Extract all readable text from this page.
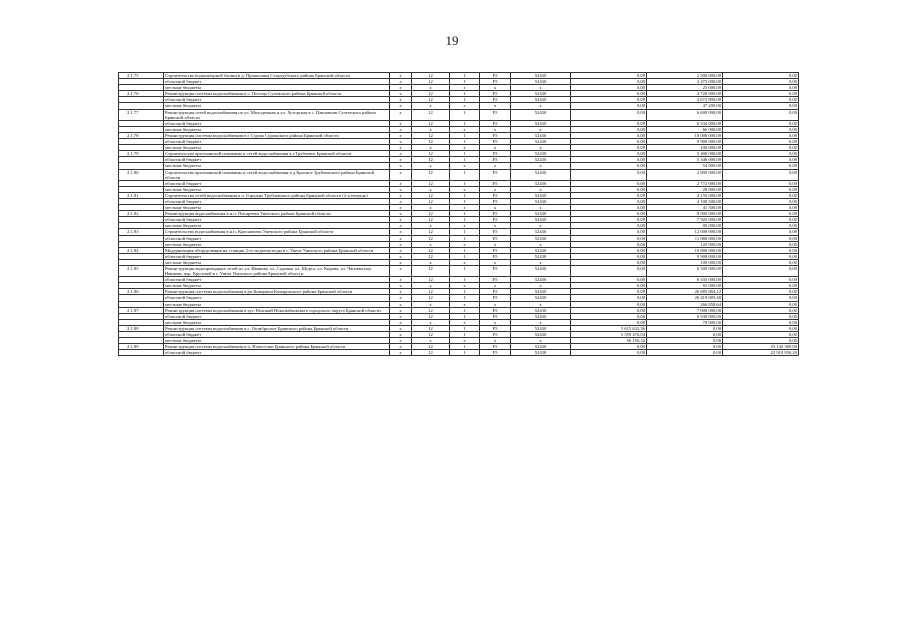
19
2.1.75	Строительство водонапорной башни в д. Прокоповка Стародубского района Брянской области	х	12	1	F5	52430	0,00	2 500 000,00	0,00
	областной бюджет	х	12	1	F5	52430	0,00	2 475 000,00	0,00
	местные бюджеты	х	х	х	х	х	0,00	25 000,00	0,00
2.1.76	Реконструкция системы водоснабжения в с. Погощь Суземского района Брянской области	х	12	1	F5	52430	0,00	4 720 000,00	0,00
	областной бюджет	х	12	1	F5	52430	0,00	4 672 800,00	0,00
	местные бюджеты	х	х	х	х	х	0,00	47 200,00	0,00
2.1.77	Реконструкция сетей водоснабжения по ул. Молодежная и ул. Хуторская в с. Павловичи Суземского района Брянской области	х	12	1	F5	52430	0,00	6 600 000,00	0,00
	областной бюджет	х	12	1	F5	52430	0,00	6 534 000,00	0,00
	местные бюджеты	х	х	х	х	х	0,00	66 000,00	0,00
2.1.78	Реконструкция системы водоснабжения в г. Сураж Суражского района Брянской области	х	12	1	F5	52430	0,00	10 000 000,00	0,00
	областной бюджет	х	12	1	F5	52430	0,00	9 900 000,00	0,00
	местные бюджеты	х	х	х	х	х	0,00	100 000,00	0,00
2.1.79	Строительство артезианской скважины и сетей водоснабжения в г.Трубчевск Брянской области	х	12	1	F5	52430	0,00	5 400 000,00	0,00
	областной бюджет	х	12	1	F5	52430	0,00	5 346 000,00	0,00
	местные бюджеты	х	х	х	х	х	0,00	54 000,00	0,00
2.1.80	Строительство артезианской скважины и сетей водоснабжения в д.Красное Трубчевского района Брянской области	х	12	1	F5	52430	0,00	2 800 000,00	0,00
	областной бюджет	х	12	1	F5	52430	0,00	2 772 000,00	0,00
	местные бюджеты	х	х	х	х	х	0,00	28 000,00	0,00
2.1.81	Строительство сетей водоснабжения в п. Городцы Трубчевского района Брянской области (2-я очередь)	х	12	1	F5	52430	0,00	4 150 000,00	0,00
	областной бюджет	х	12	1	F5	52430	0,00	4 108 500,00	0,00
	местные бюджеты	х	х	х	х	х	0,00	41 500,00	0,00
2.1.82	Реконструкция водоснабжения в н.п. Писаревка Унечского района Брянской области	х	12	1	F5	52430	0,00	8 000 000,00	0,00
	областной бюджет	х	12	1	F5	52430	0,00	7 920 000,00	0,00
	местные бюджеты	х	х	х	х	х	0,00	80 000,00	0,00
2.1.83	Строительство водоснабжения в н.п. Красновичи Унечского района Брянской области	х	12	1	F5	52430	0,00	12 000 000,00	0,00
	областной бюджет	х	12	1	F5	52430	0,00	11 880 000,00	0,00
	местные бюджеты	х	х	х	х	х	0,00	120 000,00	0,00
2.1.84	Модернизация оборудования на станции 2-го подъема воды в г. Унеча Унечского района Брянской области	х	12	1	F5	52430	0,00	10 000 000,00	0,00
	областной бюджет	х	12	1	F5	52430	0,00	9 900 000,00	0,00
	местные бюджеты	х	х	х	х	х	0,00	100 000,00	0,00
2.1.85	Реконструкция водопроводных сетей по ул. Иванова, ул. Садовая, ул. Щорса, ул. Кирова, ул. Чапаева пер. Иванова, пер. Крупской в г. Унеча Унечского района Брянской области	х	12	1	F5	52430	0,00	6 500 000,00	0,00
	областной бюджет	х	12	1	F5	52430	0,00	6 435 000,00	0,00
	местные бюджеты	х	х	х	х	х	0,00	65 000,00	0,00
2.1.86	Реконструкция системы водоснабжения в рп Комаричи Комаричского района Брянской области	х	12	1	F5	52430	0,00	26 685 864,12	0,00
	областной бюджет	х	12	1	F5	52430	0,00	26 419 005,48	0,00
	местные бюджеты	х	х	х	х	х	0,00	266 858,64	0,00
2.1.87	Реконструкция системы водоснабжения в хут. Великий Новозыбковского городского округа Брянской области	х	12	1	F5	52430	0,00	7 000 000,00	0,00
	областной бюджет	х	12	1	F5	52430	0,00	6 930 000,00	0,00
	местные бюджеты	х	х	х	х	х	0,00	70 000,00	0,00
2.1.88	Реконструкция системы водоснабжения в с. Октябрьское Брянского района Брянской области	х	12	1	F5	52430	5 615 632,36	0,00	0,00
	областной бюджет	х	12	1	F5	52430	5 559 476,04	0,00	0,00
	местные бюджеты	х	х	х	х	х	56 156,32	0,00	0,00
2.1.89	Реконструкция системы водоснабжения в п. Новоселки Брянского района Брянской области	х	12	1	F5	52430	0,00	0,00	23 142 380,00
	областной бюджет	х	12	1	F5	52430	0,00	0,00	22 910 956,20
